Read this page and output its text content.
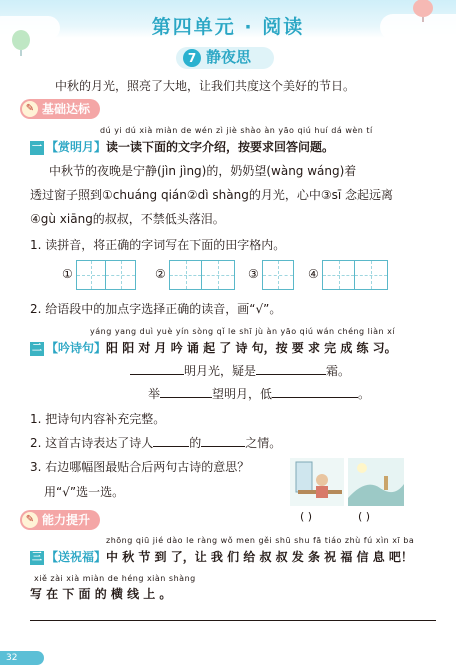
第四单元 · 阅读
7 静夜思
中秋的月光，照亮了大地，让我们共度这个美好的节日。
✎ 基础达标
dú yi dú xià miàn de wén zì jiè shào àn yāo qiú huí dá wèn tí
一 【赏明月】读一读下面的文字介绍，按要求回答问题。
中秋节的夜晚是宁静(jìn jìng)的，奶奶望(wàng wáng)着
透过窗子照到①chuáng qián②dì shàng的月光，心中③sī 念起远离
④gù xiāng的叔叔，不禁低头落泪。
1. 读拼音，将正确的字词写在下面的田字格内。
①	②	③	④
2. 给语段中的加点字选择正确的读音，画“√”。
yáng yang duì yuè yín sòng qǐ le shī jù àn yāo qiú wán chéng liàn xí
二 【吟诗句】阳 阳 对 月 吟 诵 起 了 诗 句，按 要 求 完 成 练 习。
明月光，疑是	霜。
举	望明月，低	。
1. 把诗句内容补充完整。
2. 这首古诗表达了诗人	的	之情。
3. 右边哪幅图最贴合后两句古诗的意思？
用“√”选一选。
( )	( )
✎ 能力提升
zhōng qiū jié dào le ràng wǒ men gěi shū shu fā tiáo zhù fú xìn xī ba
三 【送祝福】中 秋 节 到 了，让 我 们 给 叔 叔 发 条 祝 福 信 息 吧！
xiě zài xià miàn de héng xiàn shàng
写 在 下 面 的 横 线 上 。
32
